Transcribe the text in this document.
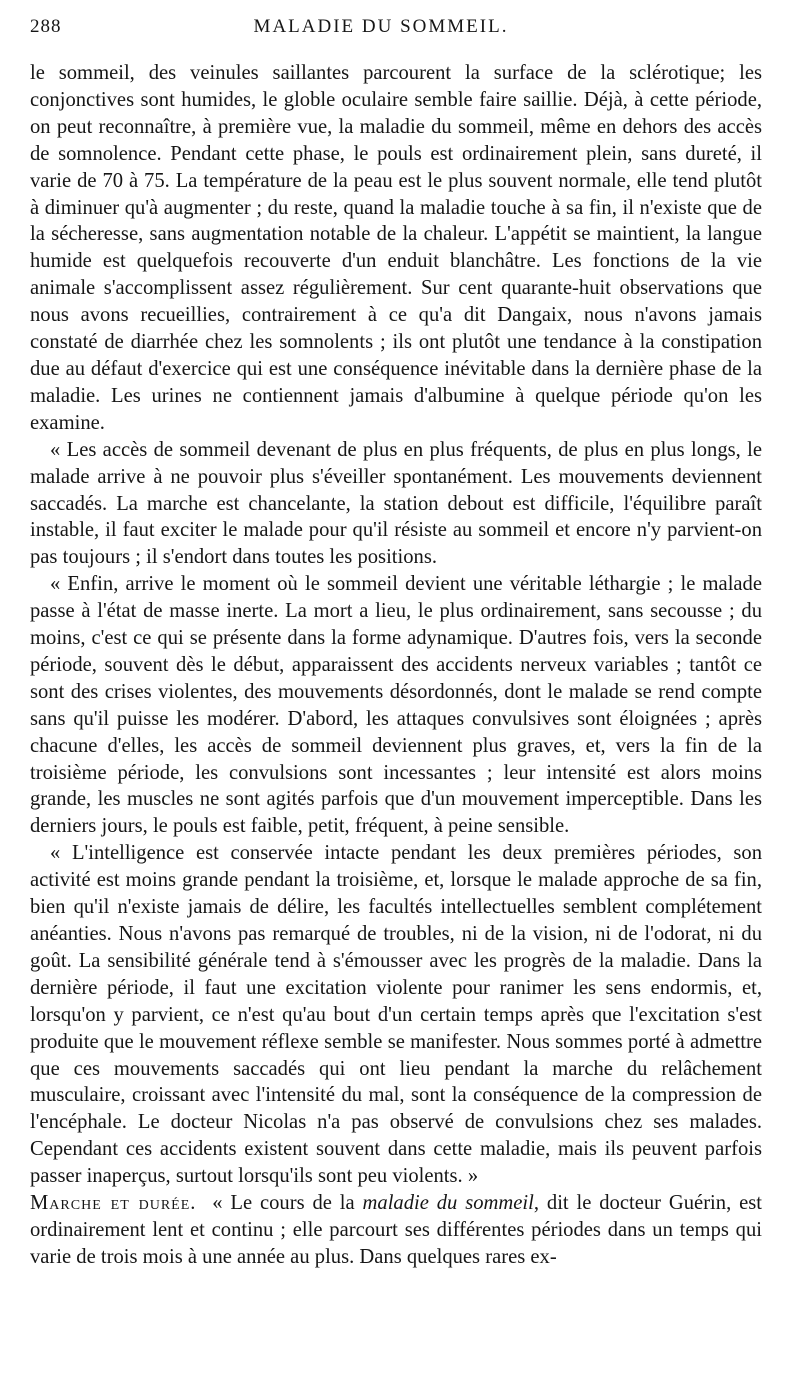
288	MALADIE DU SOMMEIL.

le sommeil, des veinules saillantes parcourent la surface de la sclérotique; les conjonctives sont humides, le globle oculaire semble faire saillie. Déjà, à cette période, on peut reconnaître, à première vue, la maladie du sommeil, même en dehors des accès de somnolence. Pendant cette phase, le pouls est ordinairement plein, sans dureté, il varie de 70 à 75. La température de la peau est le plus souvent normale, elle tend plutôt à diminuer qu'à augmenter ; du reste, quand la maladie touche à sa fin, il n'existe que de la sécheresse, sans augmentation notable de la chaleur. L'appétit se maintient, la langue humide est quelquefois recouverte d'un enduit blanchâtre. Les fonctions de la vie animale s'accomplissent assez régulièrement. Sur cent quarante-huit observations que nous avons recueillies, contrairement à ce qu'a dit Dangaix, nous n'avons jamais constaté de diarrhée chez les somnolents ; ils ont plutôt une tendance à la constipation due au défaut d'exercice qui est une conséquence inévitable dans la dernière phase de la maladie. Les urines ne contiennent jamais d'albumine à quelque période qu'on les examine.

« Les accès de sommeil devenant de plus en plus fréquents, de plus en plus longs, le malade arrive à ne pouvoir plus s'éveiller spontanément. Les mouvements deviennent saccadés. La marche est chancelante, la station debout est difficile, l'équilibre paraît instable, il faut exciter le malade pour qu'il résiste au sommeil et encore n'y parvient-on pas toujours ; il s'endort dans toutes les positions.

« Enfin, arrive le moment où le sommeil devient une véritable léthargie ; le malade passe à l'état de masse inerte. La mort a lieu, le plus ordinairement, sans secousse ; du moins, c'est ce qui se présente dans la forme adynamique. D'autres fois, vers la seconde période, souvent dès le début, apparaissent des accidents nerveux variables ; tantôt ce sont des crises violentes, des mouvements désordonnés, dont le malade se rend compte sans qu'il puisse les modérer. D'abord, les attaques convulsives sont éloignées ; après chacune d'elles, les accès de sommeil deviennent plus graves, et, vers la fin de la troisième période, les convulsions sont incessantes ; leur intensité est alors moins grande, les muscles ne sont agités parfois que d'un mouvement imperceptible. Dans les derniers jours, le pouls est faible, petit, fréquent, à peine sensible.

« L'intelligence est conservée intacte pendant les deux premières périodes, son activité est moins grande pendant la troisième, et, lorsque le malade approche de sa fin, bien qu'il n'existe jamais de délire, les facultés intellectuelles semblent complétement anéanties. Nous n'avons pas remarqué de troubles, ni de la vision, ni de l'odorat, ni du goût. La sensibilité générale tend à s'émousser avec les progrès de la maladie. Dans la dernière période, il faut une excitation violente pour ranimer les sens endormis, et, lorsqu'on y parvient, ce n'est qu'au bout d'un certain temps après que l'excitation s'est produite que le mouvement réflexe semble se manifester. Nous sommes porté à admettre que ces mouvements saccadés qui ont lieu pendant la marche du relâchement musculaire, croissant avec l'intensité du mal, sont la conséquence de la compression de l'encéphale. Le docteur Nicolas n'a pas observé de convulsions chez ses malades. Cependant ces accidents existent souvent dans cette maladie, mais ils peuvent parfois passer inaperçus, surtout lorsqu'ils sont peu violents. »

Marche et durée. « Le cours de la maladie du sommeil, dit le docteur Guérin, est ordinairement lent et continu ; elle parcourt ses différentes périodes dans un temps qui varie de trois mois à une année au plus. Dans quelques rares ex-
